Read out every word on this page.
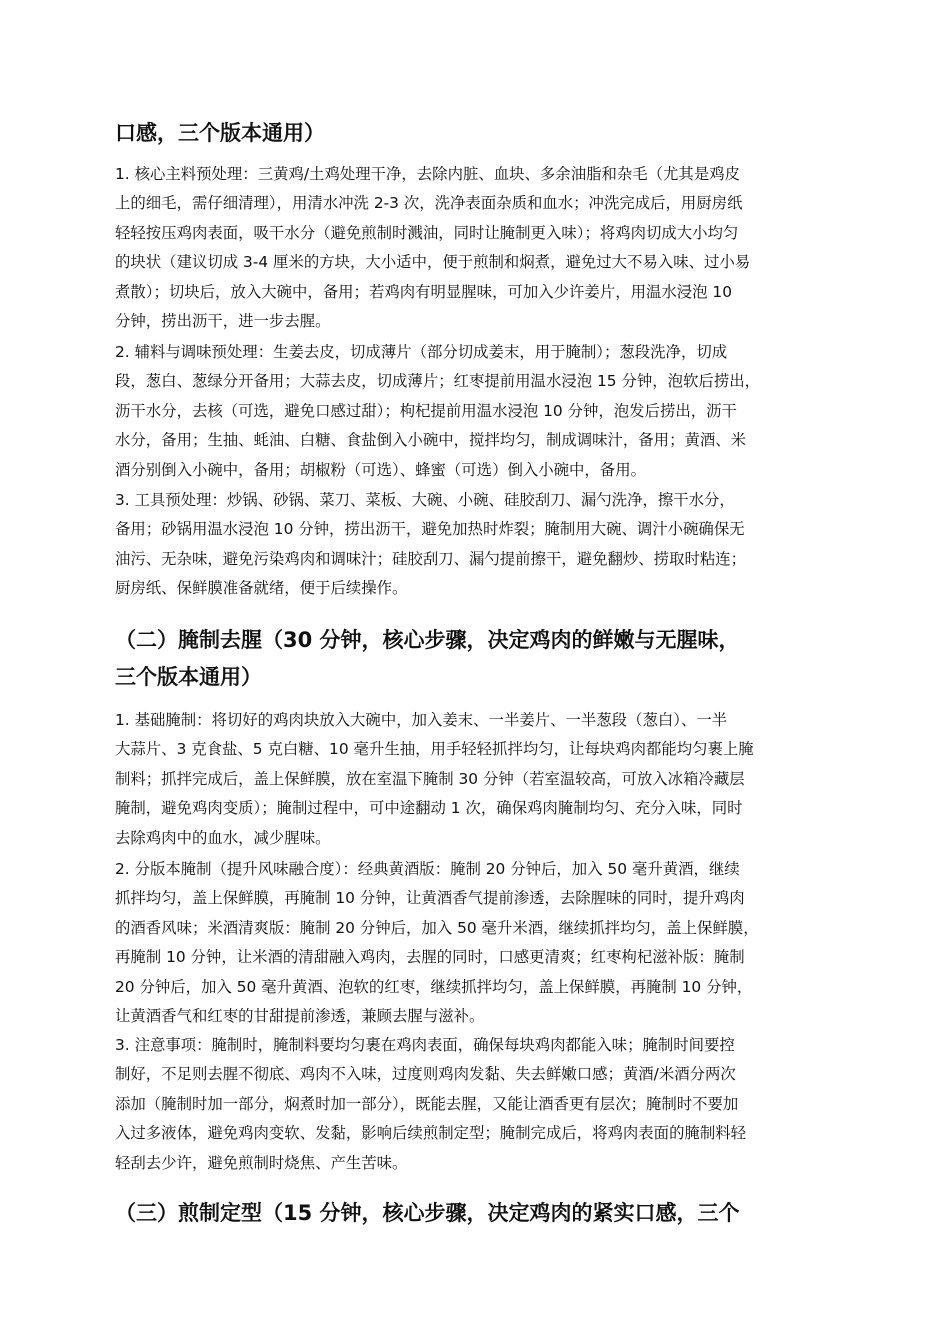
口感，三个版本通用）

1. 核心主料预处理：三黄鸡/土鸡处理干净，去除内脏、血块、多余油脂和杂毛（尤其是鸡皮
上的细毛，需仔细清理），用清水冲洗 2-3 次，洗净表面杂质和血水；冲洗完成后，用厨房纸
轻轻按压鸡肉表面，吸干水分（避免煎制时溅油，同时让腌制更入味）；将鸡肉切成大小均匀
的块状（建议切成 3-4 厘米的方块，大小适中，便于煎制和焖煮，避免过大不易入味、过小易
煮散）；切块后，放入大碗中，备用；若鸡肉有明显腥味，可加入少许姜片，用温水浸泡 10
分钟，捞出沥干，进一步去腥。

2. 辅料与调味预处理：生姜去皮，切成薄片（部分切成姜末，用于腌制）；葱段洗净，切成
段，葱白、葱绿分开备用；大蒜去皮，切成薄片；红枣提前用温水浸泡 15 分钟，泡软后捞出，
沥干水分，去核（可选，避免口感过甜）；枸杞提前用温水浸泡 10 分钟，泡发后捞出，沥干
水分，备用；生抽、蚝油、白糖、食盐倒入小碗中，搅拌均匀，制成调味汁，备用；黄酒、米
酒分别倒入小碗中，备用；胡椒粉（可选）、蜂蜜（可选）倒入小碗中，备用。

3. 工具预处理：炒锅、砂锅、菜刀、菜板、大碗、小碗、硅胶刮刀、漏勺洗净，擦干水分，
备用；砂锅用温水浸泡 10 分钟，捞出沥干，避免加热时炸裂；腌制用大碗、调汁小碗确保无
油污、无杂味，避免污染鸡肉和调味汁；硅胶刮刀、漏勺提前擦干，避免翻炒、捞取时粘连；
厨房纸、保鲜膜准备就绪，便于后续操作。

（二）腌制去腥（30 分钟，核心步骤，决定鸡肉的鲜嫩与无腥味，
三个版本通用）

1. 基础腌制：将切好的鸡肉块放入大碗中，加入姜末、一半姜片、一半葱段（葱白）、一半
大蒜片、3 克食盐、5 克白糖、10 毫升生抽，用手轻轻抓拌均匀，让每块鸡肉都能均匀裹上腌
制料；抓拌完成后，盖上保鲜膜，放在室温下腌制 30 分钟（若室温较高，可放入冰箱冷藏层
腌制，避免鸡肉变质）；腌制过程中，可中途翻动 1 次，确保鸡肉腌制均匀、充分入味，同时
去除鸡肉中的血水，减少腥味。

2. 分版本腌制（提升风味融合度）：经典黄酒版：腌制 20 分钟后，加入 50 毫升黄酒，继续
抓拌均匀，盖上保鲜膜，再腌制 10 分钟，让黄酒香气提前渗透，去除腥味的同时，提升鸡肉
的酒香风味；米酒清爽版：腌制 20 分钟后，加入 50 毫升米酒，继续抓拌均匀，盖上保鲜膜，
再腌制 10 分钟，让米酒的清甜融入鸡肉，去腥的同时，口感更清爽；红枣枸杞滋补版：腌制
20 分钟后，加入 50 毫升黄酒、泡软的红枣，继续抓拌均匀，盖上保鲜膜，再腌制 10 分钟，
让黄酒香气和红枣的甘甜提前渗透，兼顾去腥与滋补。

3. 注意事项：腌制时，腌制料要均匀裹在鸡肉表面，确保每块鸡肉都能入味；腌制时间要控
制好，不足则去腥不彻底、鸡肉不入味，过度则鸡肉发黏、失去鲜嫩口感；黄酒/米酒分两次
添加（腌制时加一部分，焖煮时加一部分），既能去腥，又能让酒香更有层次；腌制时不要加
入过多液体，避免鸡肉变软、发黏，影响后续煎制定型；腌制完成后，将鸡肉表面的腌制料轻
轻刮去少许，避免煎制时烧焦、产生苦味。

（三）煎制定型（15 分钟，核心步骤，决定鸡肉的紧实口感，三个
